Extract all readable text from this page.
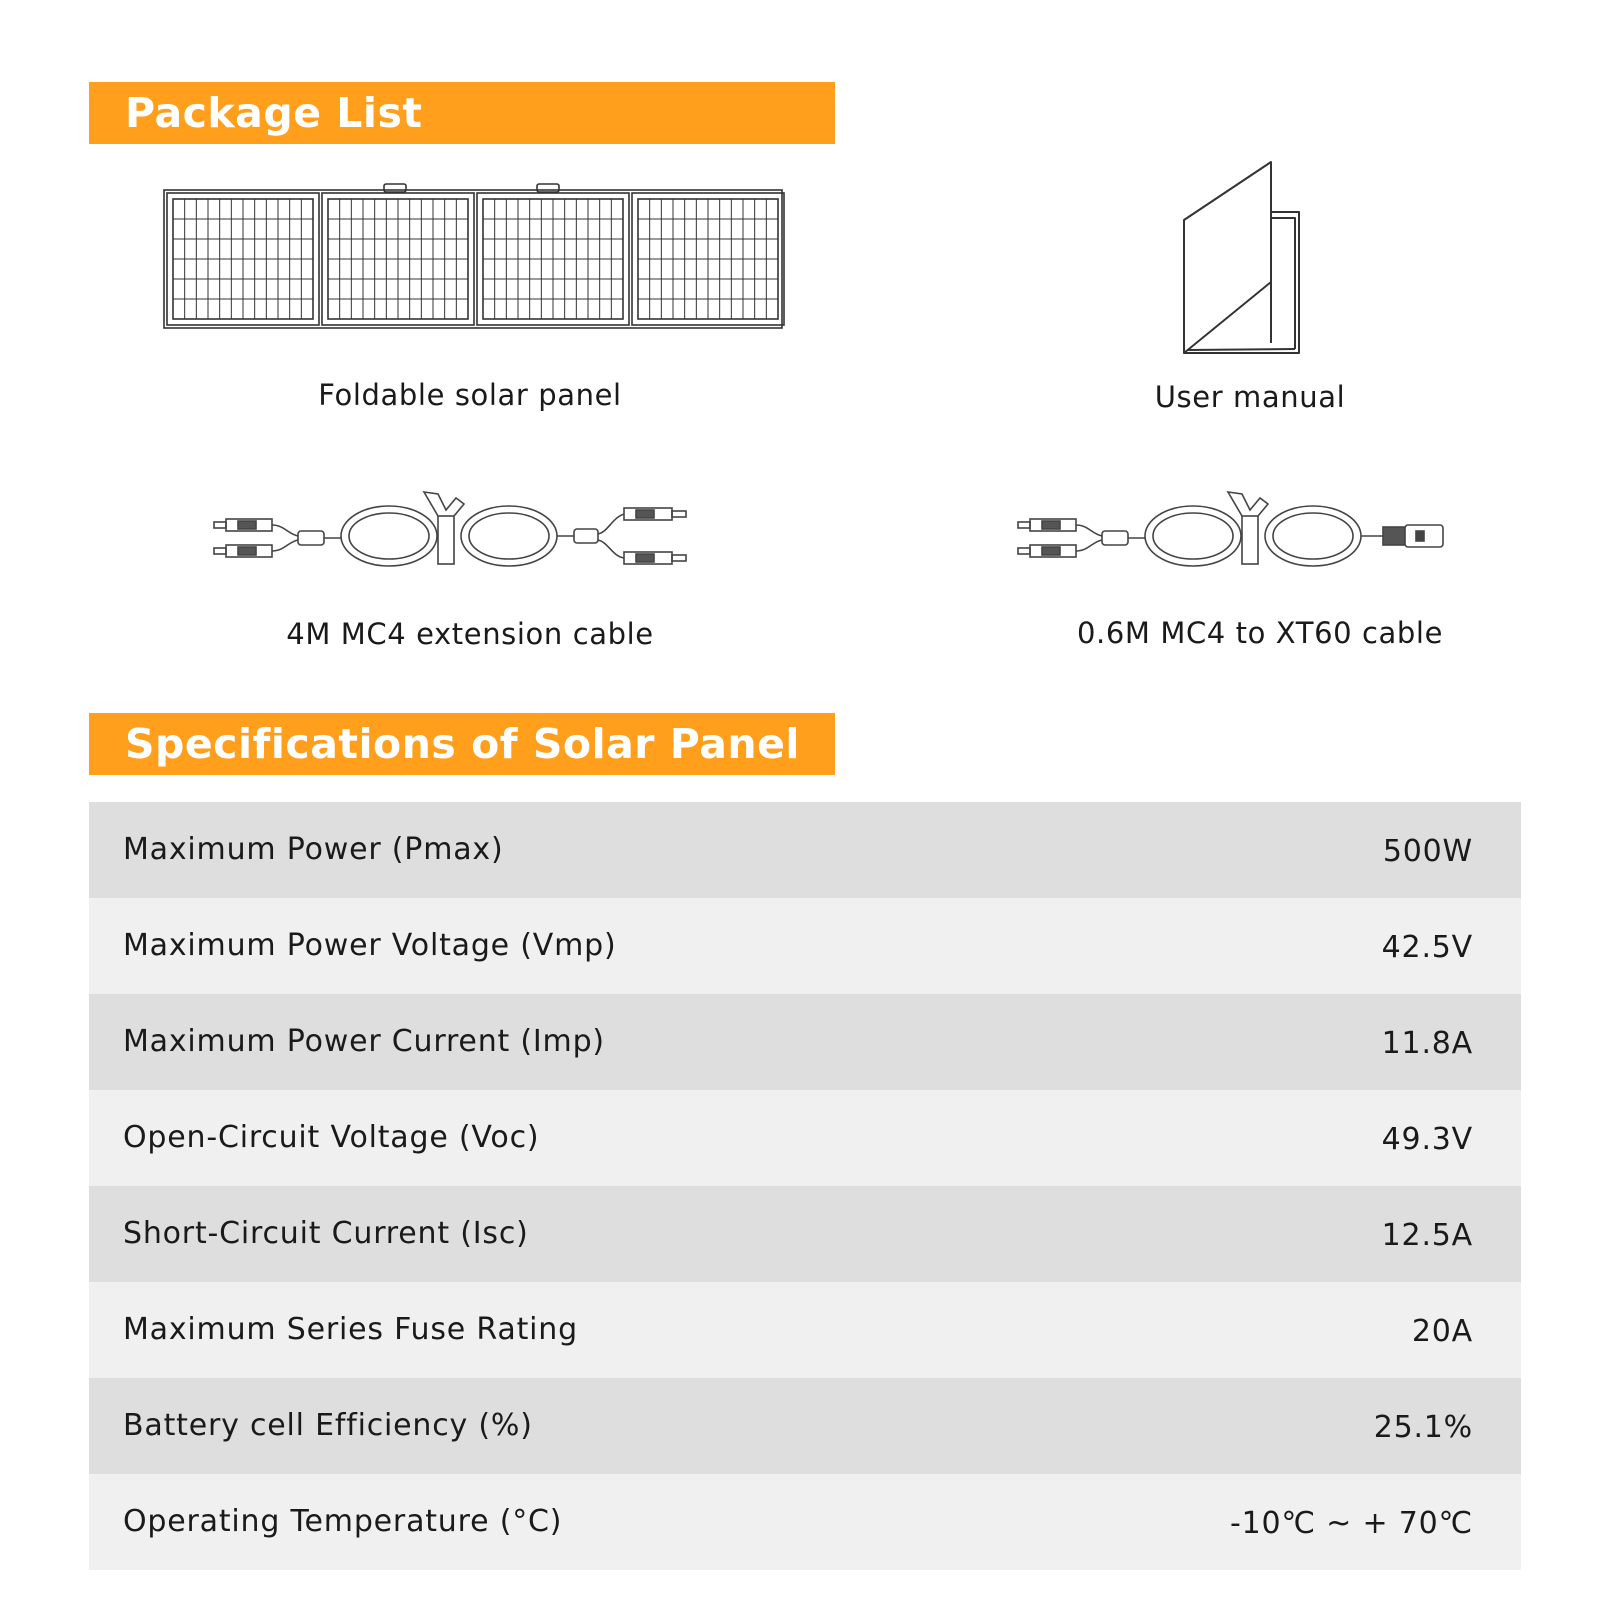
Package List
Foldable solar panel	User manual
4M MC4 extension cable	0.6M MC4 to XT60 cable
Specifications of Solar Panel
Maximum Power (Pmax)	500W
Maximum Power Voltage (Vmp)	42.5V
Maximum Power Current (Imp)	11.8A
Open-Circuit Voltage (Voc)	49.3V
Short-Circuit Current (Isc)	12.5A
Maximum Series Fuse Rating	20A
Battery cell Efficiency (%)	25.1%
Operating Temperature (°C)	-10℃ ~ + 70℃
